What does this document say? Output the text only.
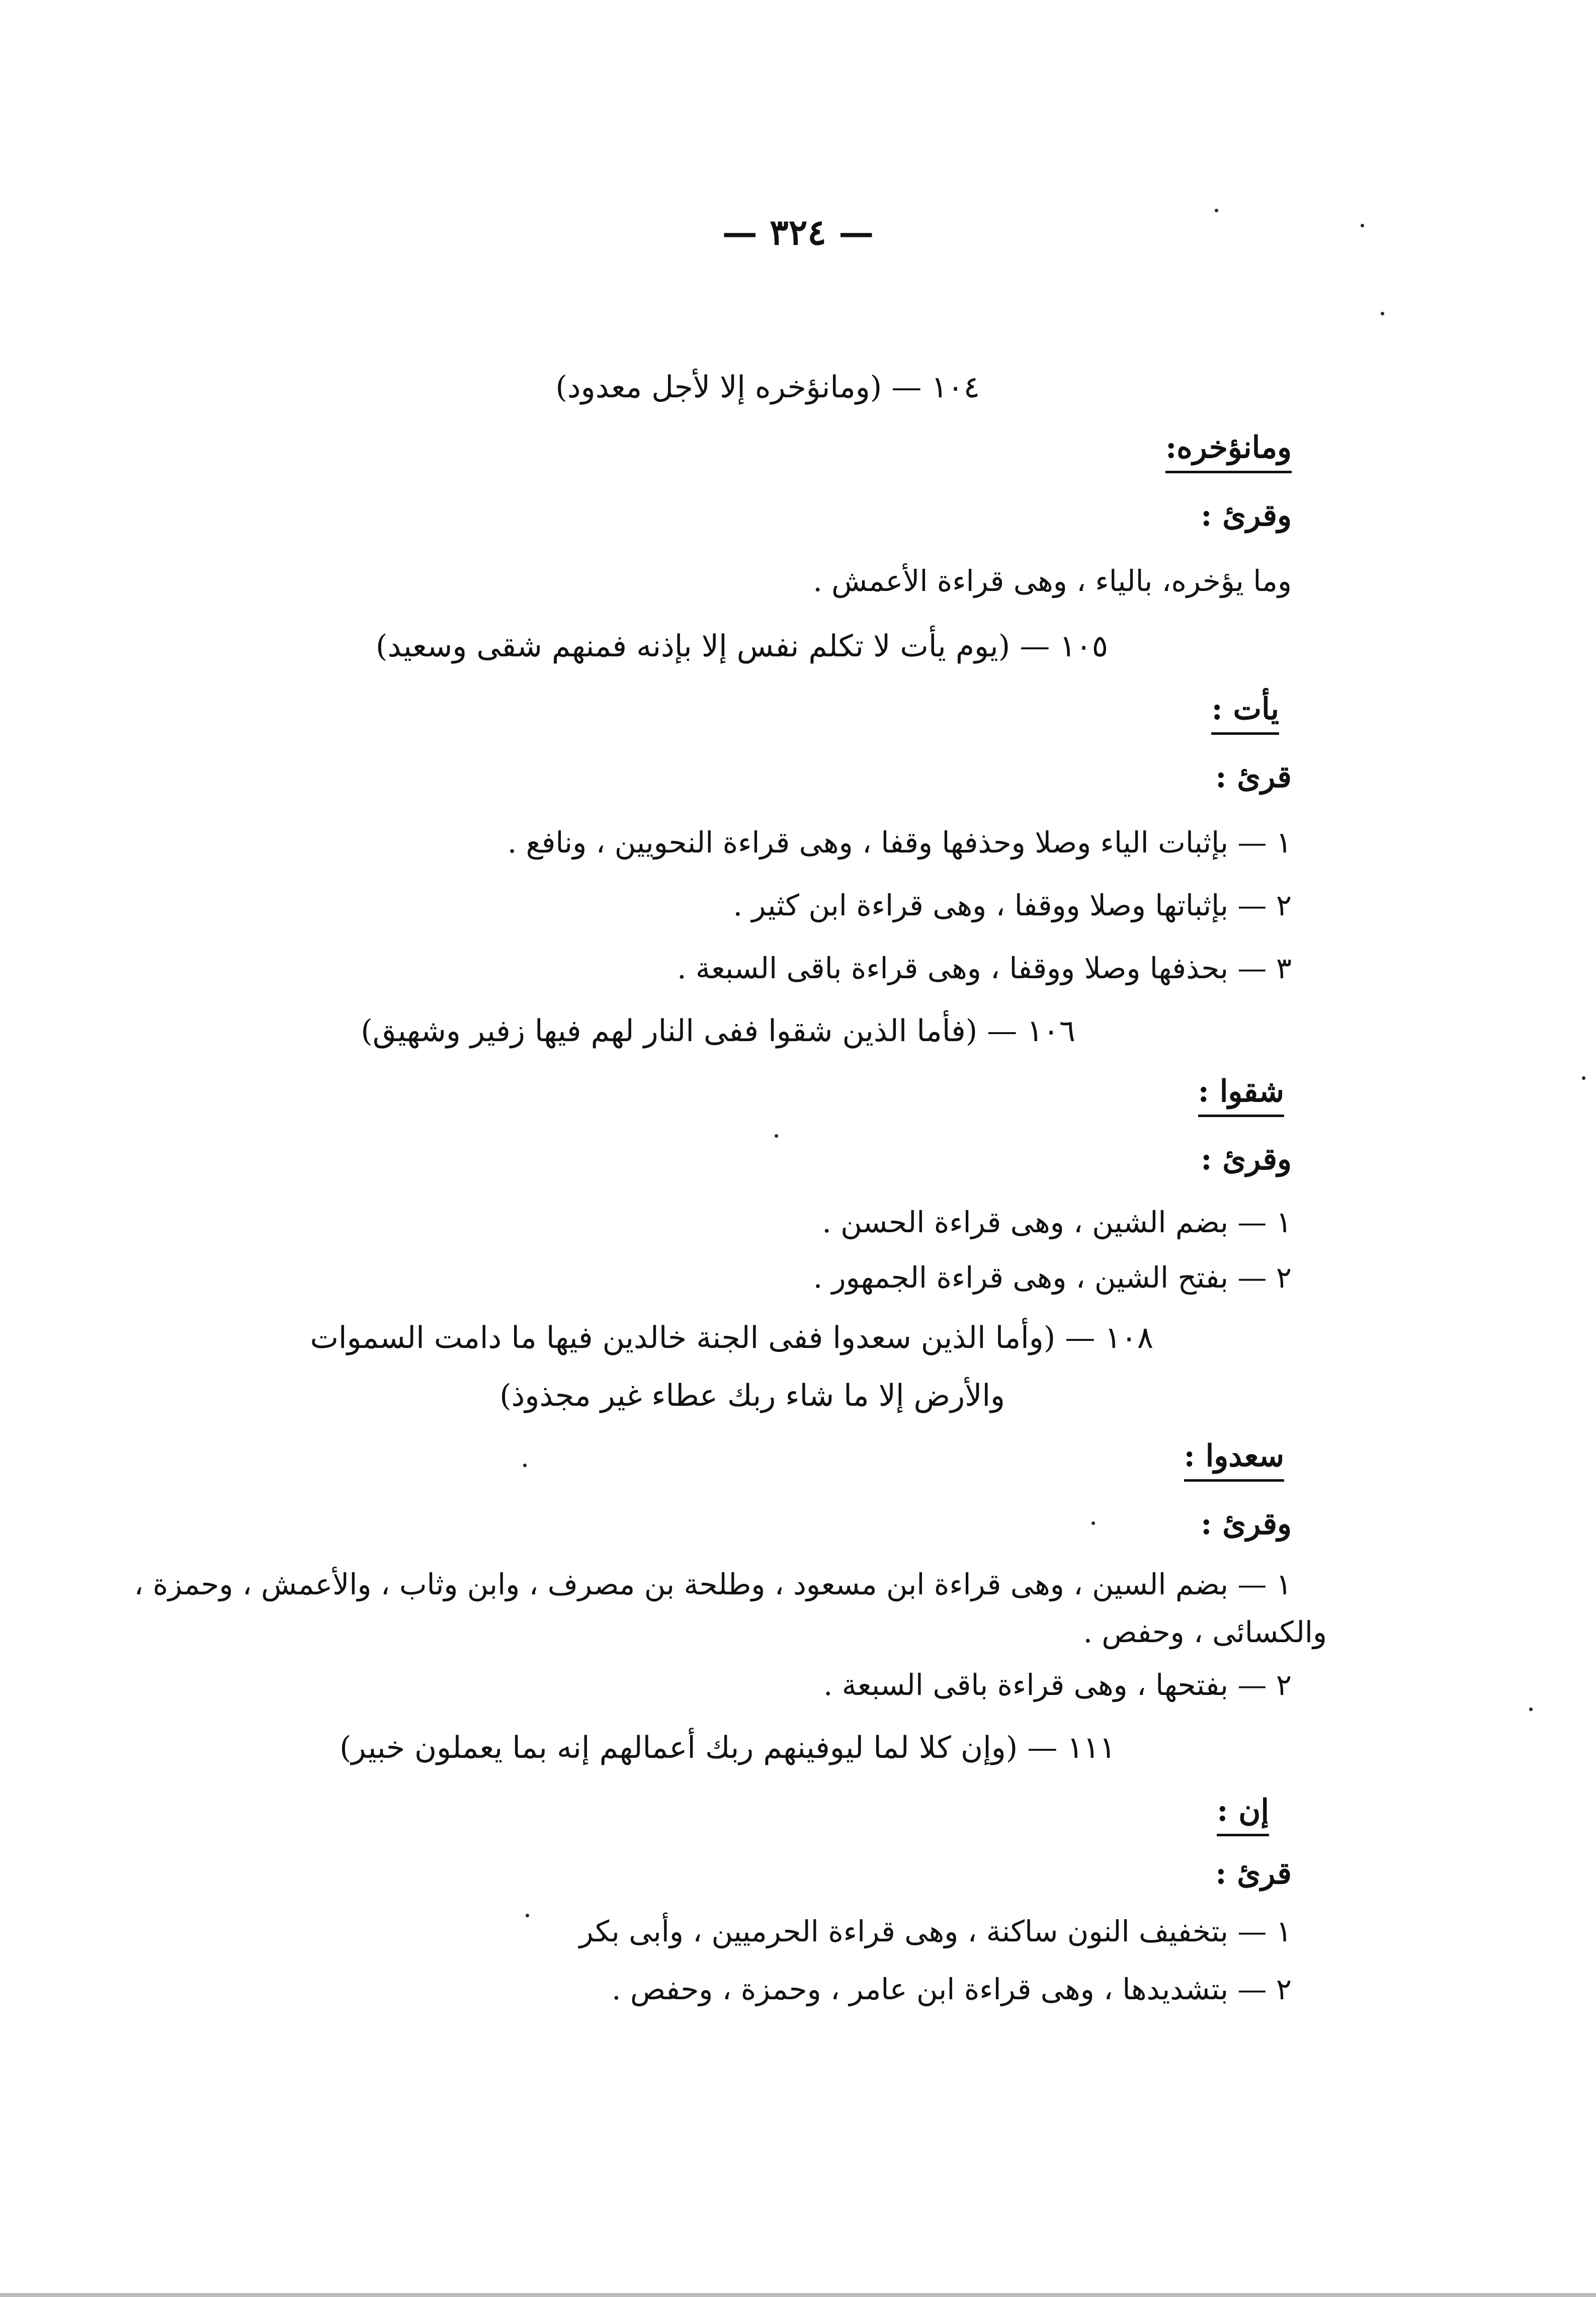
— ٣٢٤ —
١٠٤ — (ومانؤخره إلا لأجل معدود)
ومانؤخره:
وقرئ :
وما يؤخره، بالياء ، وهى قراءة الأعمش .
١٠٥ — (يوم يأت لا تكلم نفس إلا بإذنه فمنهم شقى وسعيد)
يأت :
قرئ :
١ — بإثبات الياء وصلا وحذفها وقفا ، وهى قراءة النحويين ، ونافع .
٢ — بإثباتها وصلا ووقفا ، وهى قراءة ابن كثير .
٣ — بحذفها وصلا ووقفا ، وهى قراءة باقى السبعة .
١٠٦ — (فأما الذين شقوا ففى النار لهم فيها زفير وشهيق)
شقوا :
وقرئ :
١ — بضم الشين ، وهى قراءة الحسن .
٢ — بفتح الشين ، وهى قراءة الجمهور .
١٠٨ — (وأما الذين سعدوا ففى الجنة خالدين فيها ما دامت السموات
والأرض إلا ما شاء ربك عطاء غير مجذوذ)
سعدوا :
وقرئ :
١ — بضم السين ، وهى قراءة ابن مسعود ، وطلحة بن مصرف ، وابن وثاب ، والأعمش ، وحمزة ،
والكسائى ، وحفص .
٢ — بفتحها ، وهى قراءة باقى السبعة .
١١١ — (وإن كلا لما ليوفينهم ربك أعمالهم إنه بما يعملون خبير)
إن :
قرئ :
١ — بتخفيف النون ساكنة ، وهى قراءة الحرميين ، وأبى بكر
٢ — بتشديدها ، وهى قراءة ابن عامر ، وحمزة ، وحفص .
